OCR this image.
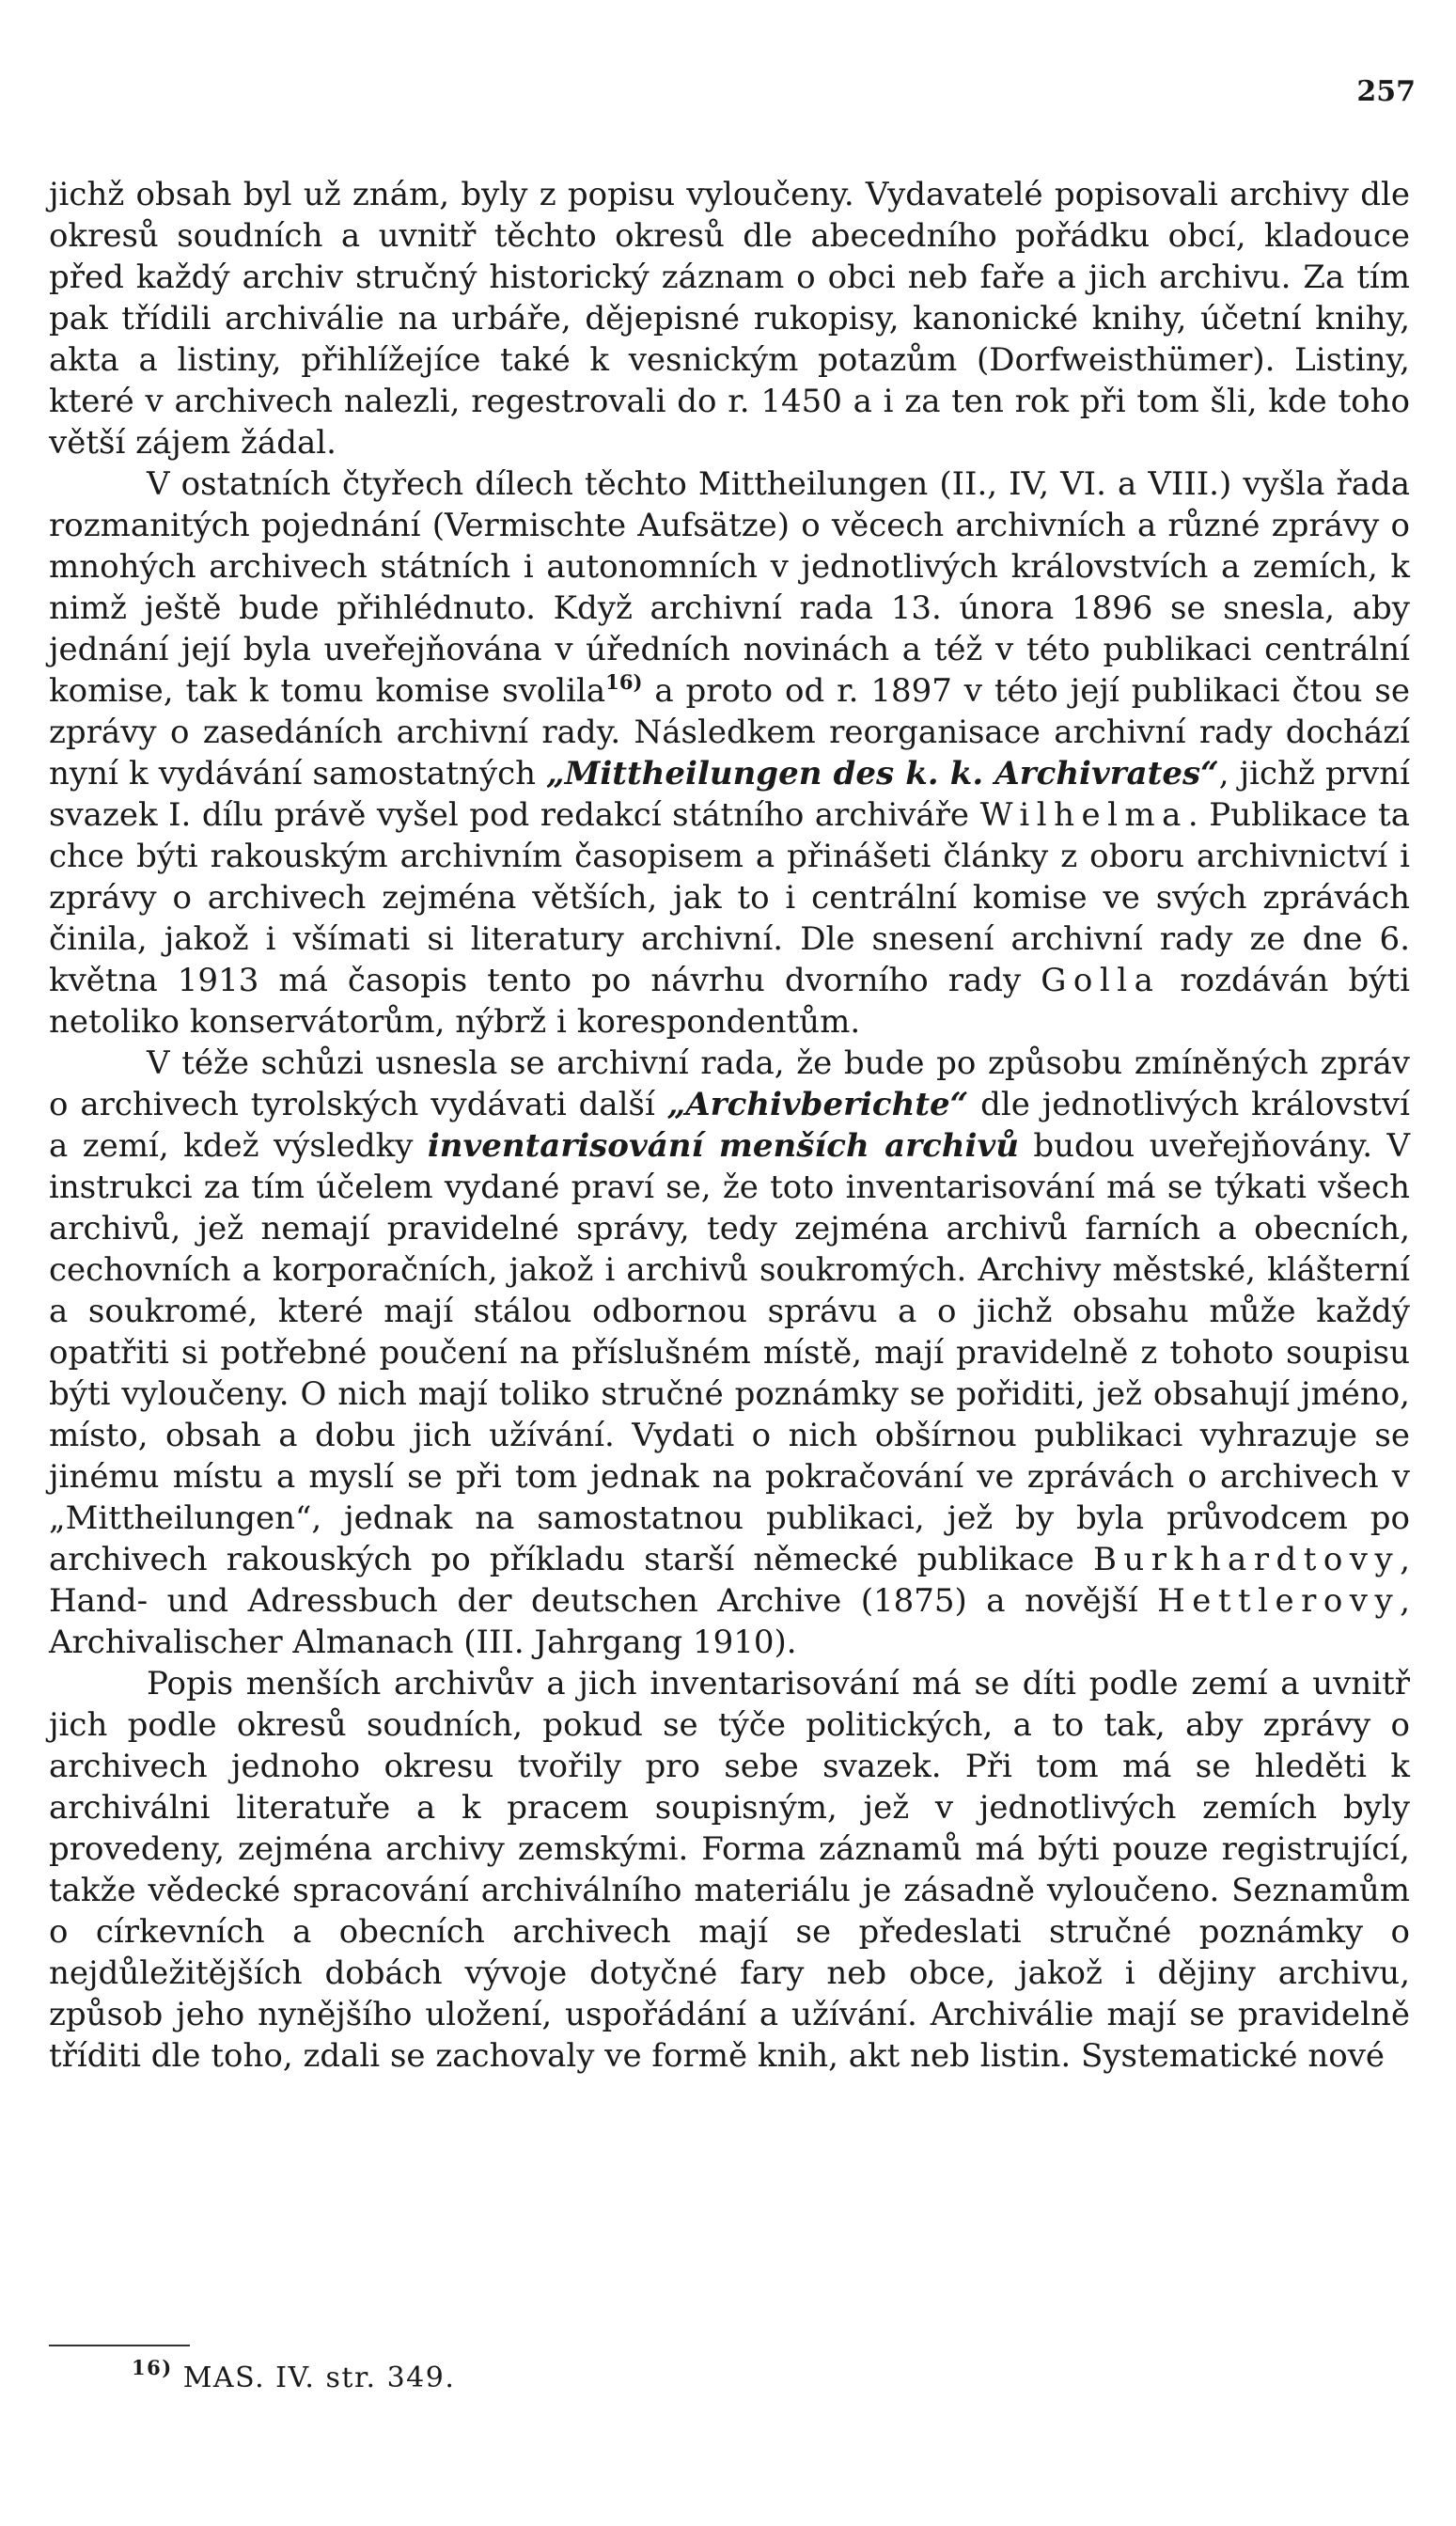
257

jichž obsah byl už znám, byly z popisu vyloučeny. Vydavatelé popisovali archivy dle okresů soudních a uvnitř těchto okresů dle abecedního pořádku obcí, kladouce před každý archiv stručný historický záznam o obci neb faře a jich archivu. Za tím pak třídili archiválie na urbáře, dějepisné rukopisy, kanonické knihy, účetní knihy, akta a listiny, přihlížejíce také k vesnickým potazům (Dorfweisthümer). Listiny, které v archivech nalezli, regestrovali do r. 1450 a i za ten rok při tom šli, kde toho větší zájem žádal.

V ostatních čtyřech dílech těchto Mittheilungen (II., IV, VI. a VIII.) vyšla řada rozmanitých pojednání (Vermischte Aufsätze) o věcech archivních a různé zprávy o mnohých archivech státních i autonomních v jednotlivých královstvích a zemích, k nimž ještě bude přihlédnuto. Když archivní rada 13. února 1896 se snesla, aby jednání její byla uveřejňována v úředních novinách a též v této publikaci centrální komise, tak k tomu komise svolila$^{16)}$ a proto od r. 1897 v této její publikaci čtou se zprávy o zasedáních archivní rady. Následkem reorganisace archivní rady dochází nyní k vydávání samostatných „Mittheilungen des k. k. Archivrates“, jichž první svazek I. dílu právě vyšel pod redakcí státního archiváře Wilhelma. Publikace ta chce býti rakouským archivním časopisem a přinášeti články z oboru archivnictví i zprávy o archivech zejména větších, jak to i centrální komise ve svých zprávách činila, jakož i všímati si literatury archivní. Dle snesení archivní rady ze dne 6. května 1913 má časopis tento po návrhu dvorního rady Golla rozdáván býti netoliko konservátorům, nýbrž i korespondentům.

V téže schůzi usnesla se archivní rada, že bude po způsobu zmíněných zpráv o archivech tyrolských vydávati další „Archivberichte“ dle jednotlivých království a zemí, kdež výsledky inventarisování menších archivů budou uveřejňovány. V instrukci za tím účelem vydané praví se, že toto inventarisování má se týkati všech archivů, jež nemají pravidelné správy, tedy zejména archivů farních a obecních, cechovních a korporačních, jakož i archivů soukromých. Archivy městské, klášterní a soukromé, které mají stálou odbornou správu a o jichž obsahu může každý opatřiti si potřebné poučení na příslušném místě, mají pravidelně z tohoto soupisu býti vyloučeny. O nich mají toliko stručné poznámky se pořiditi, jež obsahují jméno, místo, obsah a dobu jich užívání. Vydati o nich obšírnou publikaci vyhrazuje se jinému místu a myslí se při tom jednak na pokračování ve zprávách o archivech v „Mittheilungen“, jednak na samostatnou publikaci, jež by byla průvodcem po archivech rakouských po příkladu starší německé publikace Burkhardtovy, Hand- und Adressbuch der deutschen Archive (1875) a novější Hettlerovy, Archivalischer Almanach (III. Jahrgang 1910).

Popis menších archivův a jich inventarisování má se díti podle zemí a uvnitř jich podle okresů soudních, pokud se týče politických, a to tak, aby zprávy o archivech jednoho okresu tvořily pro sebe svazek. Při tom má se hleděti k archiválni literatuře a k pracem soupisným, jež v jednotlivých zemích byly provedeny, zejména archivy zemskými. Forma záznamů má býti pouze registrující, takže vědecké spracování archiválního materiálu je zásadně vyloučeno. Seznamům o církevních a obecních archivech mají se předeslati stručné poznámky o nejdůležitějších dobách vývoje dotyčné fary neb obce, jakož i dějiny archivu, způsob jeho nynějšího uložení, uspořádání a užívání. Archiválie mají se pravidelně tříditi dle toho, zdali se zachovaly ve formě knih, akt neb listin. Systematické nové

$^{16)}$ MAS. IV. str. 349.
